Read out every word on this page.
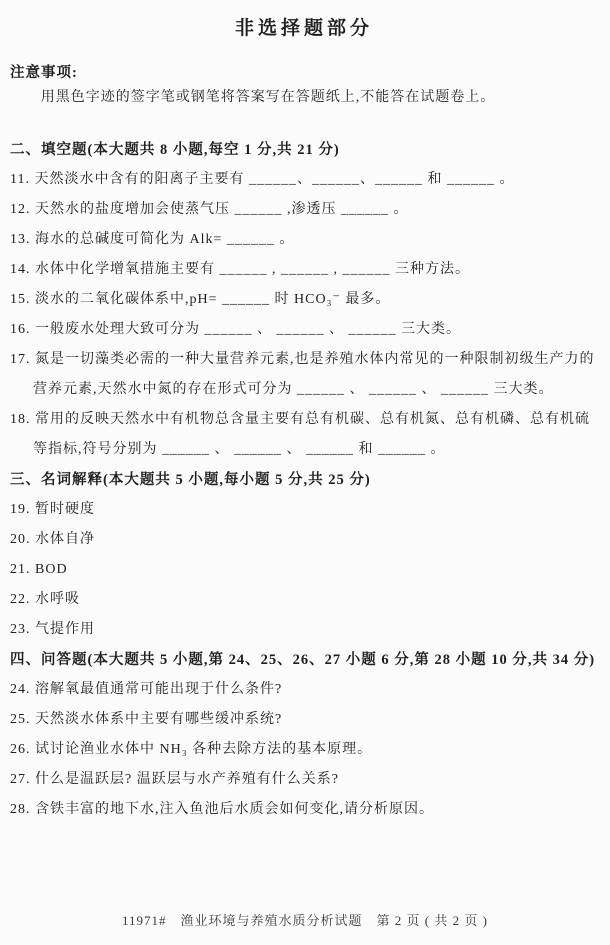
非选择题部分
注意事项:

用黑色字迹的签字笔或钢笔将答案写在答题纸上,不能答在试题卷上。

二、填空题(本大题共 8 小题,每空 1 分,共 21 分)

11. 天然淡水中含有的阳离子主要有 ______、______、______ 和 ______ 。

12. 天然水的盐度增加会使蒸气压 ______ ,渗透压 ______ 。

13. 海水的总碱度可简化为 Alk= ______ 。

14. 水体中化学增氧措施主要有 ______ , ______ , ______ 三种方法。

15. 淡水的二氧化碳体系中,pH= ______ 时 HCO₃⁻ 最多。

16. 一般废水处理大致可分为 ______ 、 ______ 、 ______ 三大类。

17. 氮是一切藻类必需的一种大量营养元素,也是养殖水体内常见的一种限制初级生产力的营养元素,天然水中氮的存在形式可分为 ______ 、 ______ 、 ______ 三大类。

18. 常用的反映天然水中有机物总含量主要有总有机碳、总有机氮、总有机磷、总有机硫等指标,符号分别为 ______ 、 ______ 、 ______ 和 ______ 。

三、名词解释(本大题共 5 小题,每小题 5 分,共 25 分)

19. 暂时硬度

20. 水体自净

21. BOD

22. 水呼吸

23. 气提作用

四、问答题(本大题共 5 小题,第 24、25、26、27 小题 6 分,第 28 小题 10 分,共 34 分)

24. 溶解氧最值通常可能出现于什么条件?

25. 天然淡水体系中主要有哪些缓冲系统?

26. 试讨论渔业水体中 NH₃ 各种去除方法的基本原理。

27. 什么是温跃层? 温跃层与水产养殖有什么关系?

28. 含铁丰富的地下水,注入鱼池后水质会如何变化,请分析原因。

11971#　渔业环境与养殖水质分析试题　第 2 页 ( 共 2 页 )
